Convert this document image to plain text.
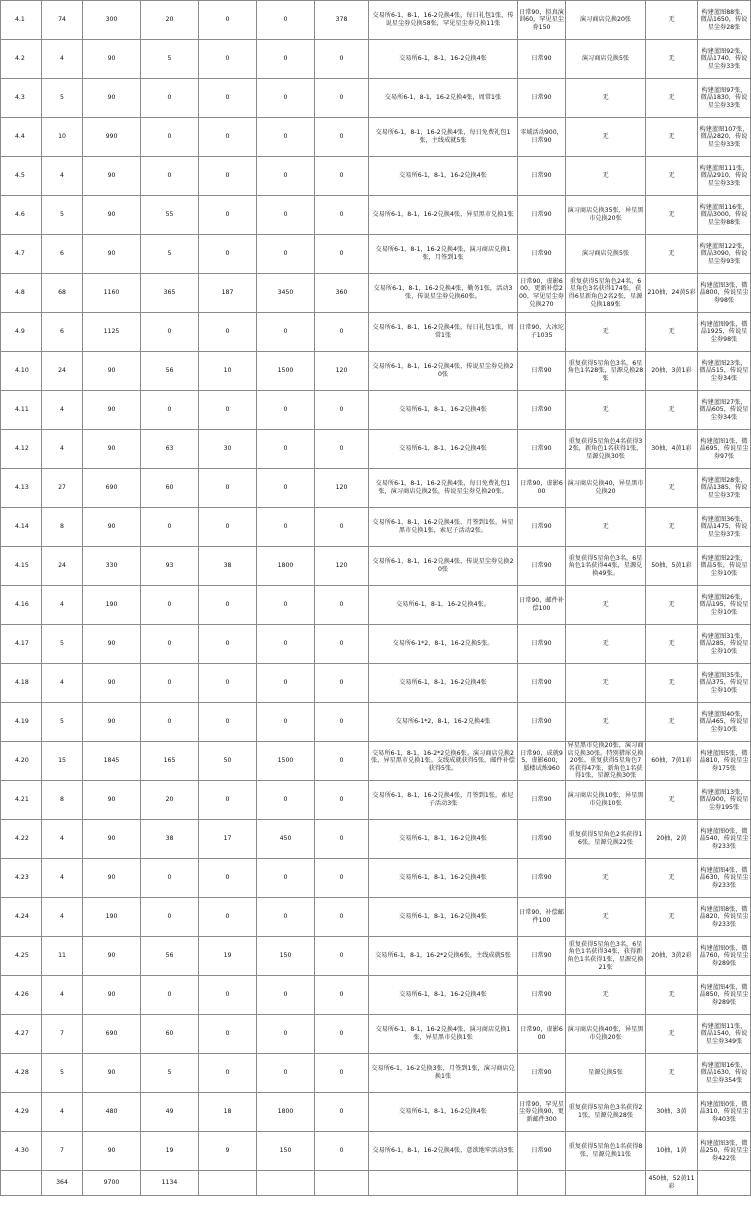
4.1	74	300	20	0	0	378	交易所6-1，8-1，16-2兑换4张，每日礼包1张，传说星尘券兑换58张，罕见星尘券兑换11张	日常90，拟真演训60，罕见星尘券150	演习商店兑换20张	无	构建蓝图88张，微晶1650，传说星尘券28张
4.2	4	90	5	0	0	0	交易所6-1，8-1，16-2兑换4张	日常90	演习商店兑换5张	无	构建蓝图92张，微晶1740，传说星尘券33张
4.3	5	90	0	0	0	0	交易所6-1，8-1，16-2兑换4张，周常1张	日常90	无	无	构建蓝图97张，微晶1830，传说星尘券33张
4.4	10	990	0	0	0	0	交易所6-1，8-1，16-2兑换4张，每日免费礼包1张，主线成就5张	零域活动900，日常90	无	无	构建蓝图107张，微晶2820，传说星尘券33张
4.5	4	90	0	0	0	0	交易所6-1，8-1，16-2兑换4张	日常90	无	无	构建蓝图111张，微晶2910，传说星尘券33张
4.6	5	90	55	0	0	0	交易所6-1，8-1，16-2兑换4张，异星黑市兑换1张	日常90	演习商店兑换35张，异星黑市兑换20张	无	构建蓝图116张，微晶3000，传说星尘券88张
4.7	6	90	5	0	0	0	交易所6-1，8-1，16-2兑换4张，演习商店兑换1张，月签到1张	日常90	演习商店兑换5张	无	构建蓝图122张，微晶3090，传说星尘券93张
4.8	68	1160	365	187	3450	360	交易所6-1，8-1，16-2兑换4张，勤务1张，活动3张，传说星尘券兑换60张。	日常90，虚影600，更新补偿200，罕见星尘券兑换270	重复获得5星角色24名，6星角色3名获得174张，获得6星新角色2名2张，星源兑换189张	210抽，24黄5彩	构建蓝图3张，微晶800，传说星尘券98张
4.9	6	1125	0	0	0	0	交易所6-1，8-1，16-2兑换4张，每日礼包1张，周常1张	日常90，大冰坨子1035	无	无	构建蓝图9张，微晶1925，传说星尘券98张
4.10	24	90	56	10	1500	120	交易所6-1，8-1，16-2兑换4张，传说星尘券兑换20张	日常90	重复获得5星角色3名，6星角色1名28张，星源兑换28张	20抽，3黄1彩	构建蓝图23张，微晶515，传说星尘券34张
4.11	4	90	0	0	0	0	交易所6-1，8-1，16-2兑换4张	日常90	无	无	构建蓝图27张，微晶605，传说星尘券34张
4.12	4	90	63	30	0	0	交易所6-1，8-1，16-2兑换4张	日常90	重复获得5星角色4名获得32张，新角色1名获得1张，星源兑换30张	30抽，4黄1彩	构建蓝图1张，微晶695，传说星尘券97张
4.13	27	690	60	0	0	120	交易所6-1，8-1，16-2兑换4张，每日免费礼包1张，演习商店兑换2张，传说星尘券兑换20张。	日常90，虚影600	演习商店兑换40，异星黑市兑换20	无	构建蓝图28张，微晶1385，传说星尘券37张
4.14	8	90	0	0	0	0	交易所6-1，8-1，16-2兑换4张，月签到1张，异星黑市兑换1张，索尼子活动2张。	日常90	无	无	构建蓝图36张，微晶1475，传说星尘券37张
4.15	24	330	93	38	1800	120	交易所6-1，8-1，16-2兑换4张，传说星尘券兑换20张	日常90	重复获得5星角色3名，6星角色1名获得44张，星源兑换49张。	50抽，5黄1彩	构建蓝图22张，微晶5张，传说星尘券10张
4.16	4	190	0	0	0	0	交易所6-1，8-1，16-2兑换4张。	日常90，邮件补偿100	无	无	构建蓝图26张，微晶195，传说星尘券10张
4.17	5	90	0	0	0	0	交易所6-1*2，8-1，16-2兑换5张。	日常90	无	无	构建蓝图31张，微晶285，传说星尘券10张
4.18	4	90	0	0	0	0	交易所6-1，8-1，16-2兑换4张	日常90	无	无	构建蓝图35张，微晶375，传说星尘券10张
4.19	5	90	0	0	0	0	交易所6-1*2，8-1，16-2兑换4张	日常90	无	无	构建蓝图40张，微晶465，传说星尘券10张
4.20	15	1845	165	50	1500	0	交易所6-1，8-1，16-2*2兑换6张。演习商店兑换2张，异星黑市兑换1张。支线成就获得5张，邮件补偿获得5张。	日常90，成就95，虚影600，蜃楼试炼960	异星黑市兑换20张，演习商店兑换30张。特别猎犀兑换20张。重复获得5星角色7名获得47张，新角色1名获得1张，星源兑换30张	60抽，7黄1彩	构建蓝图5张，微晶810，传说星尘券175张
4.21	8	90	20	0	0	0	交易所6-1，8-1，16-2兑换4张，月签到1张，索尼子活动3张	日常90	演习商店兑换10张，异星黑市兑换10张	无	构建蓝图13张，微晶900，传说星尘券195张
4.22	4	90	38	17	450	0	交易所6-1，8-1，16-2兑换4张	日常90	重复获得5星角色2名获得16张，星源兑换22张	20抽，2黄	构建蓝图0张，微晶540，传说星尘券233张
4.23	4	90	0	0	0	0	交易所6-1，8-1，16-2兑换4张	日常90	无	无	构建蓝图4张，微晶630，传说星尘券233张
4.24	4	190	0	0	0	0	交易所6-1，8-1，16-2兑换4张	日常90，补偿邮件100	无	无	构建蓝图8张，微晶820，传说星尘券233张
4.25	11	90	56	19	150	0	交易所6-1，8-1，16-2*2兑换6张，主线成就5张	日常90	重复获得5星角色3名，6星角色1名获得34张，获得新角色1名获得1张，星源兑换21张	20抽，3黄2彩	构建蓝图0张，微晶760，传说星尘券289张
4.26	4	90	0	0	0	0	交易所6-1，8-1，16-2兑换4张	日常90	无	无	构建蓝图4张，微晶850，传说星尘券289张
4.27	7	690	60	0	0	0	交易所6-1，8-1，16-2兑换4张，演习商店兑换1张，异星黑市兑换1张	日常90，虚影600	演习商店兑换40张，异星黑市兑换20张	无	构建蓝图11张，微晶1540，传说星尘券349张
4.28	5	90	5	0	0	0	交易所6-1，16-2兑换3张，月签到1张，演习商店兑换1张	日常90	星源兑换5张	无	构建蓝图16张，微晶1630，传说星尘券354张
4.29	4	480	49	18	1800	0	交易所6-1，8-1，16-2兑换4张	日常90，罕见星尘券兑换90，更新邮件300	重复获得5星角色3名获得21张，星源兑换28张	30抽，3黄	构建蓝图0张，微晶310，传说星尘券403张
4.30	7	90	19	9	150	0	交易所6-1，8-1，16-2兑换4张，意欲地牢活动3张	日常90	重复获得5星角色1名获得8张，星源兑换11张	10抽，1黄	构建蓝图3张，微晶250，传说星尘券422张
	364	9700	1134							450抽，52黄11彩	
